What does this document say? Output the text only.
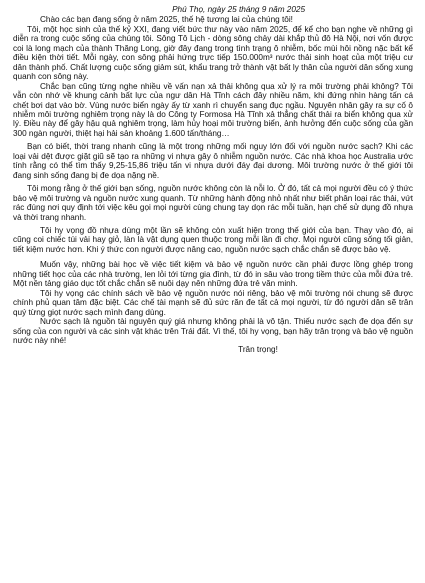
Phú Thọ, ngày 25 tháng 9 năm 2025

Chào các bạn đang sống ở năm 2025, thế hệ tương lai của chúng tôi!

Tôi, một học sinh của thế kỷ XXI, đang viết bức thư này vào năm 2025, để kể cho bạn nghe về những gì diễn ra trong cuộc sống của chúng tôi. Sông Tô Lịch - dòng sông chảy dài khắp thủ đô Hà Nội, nơi vốn được coi là long mạch của thành Thăng Long, giờ đây đang trong tình trạng ô nhiễm, bốc mùi hôi nồng nặc bất kể điều kiện thời tiết. Mỗi ngày, con sông phải hứng trực tiếp 150.000m³ nước thải sinh hoạt của một triệu cư dân thành phố. Chất lượng cuộc sống giảm sút, khẩu trang trở thành vật bất ly thân của người dân sống xung quanh con sông này.

Chắc bạn cũng từng nghe nhiều về vấn nạn xả thải không qua xử lý ra môi trường phải không? Tôi vẫn còn nhớ về khung cảnh bất lực của ngư dân Hà Tĩnh cách đây nhiều năm, khi đứng nhìn hàng tấn cá chết bơi dạt vào bờ. Vùng nước biển ngày ấy từ xanh rì chuyển sang đục ngầu. Nguyên nhân gây ra sự cố ô nhiễm môi trường nghiêm trọng này là do Công ty Formosa Hà Tĩnh xả thẳng chất thải ra biển không qua xử lý. Điều này để gây hậu quả nghiêm trọng, làm hủy hoại môi trường biển, ảnh hưởng đến cuộc sống của gần 300 ngàn người, thiệt hại hải sản khoảng 1.600 tấn/tháng…

Bạn có biết, thời trang nhanh cũng là một trong những mối nguy lớn đối với nguồn nước sạch? Khi các loại vải dệt được giặt giũ sẽ tạo ra những vi nhựa gây ô nhiễm nguồn nước. Các nhà khoa học Australia ước tính rằng có thể tìm thấy 9,25-15,86 triệu tấn vi nhựa dưới đáy đại dương. Môi trường nước ở thế giới tôi đang sinh sống đang bị đe dọa nặng nề.

Tôi mong rằng ở thế giới bạn sống, nguồn nước không còn là nỗi lo. Ở đó, tất cả mọi người đều có ý thức bảo vệ môi trường và nguồn nước xung quanh. Từ những hành động nhỏ nhất như biết phân loại rác thải, vứt rác đúng nơi quy định tới việc kêu gọi mọi người cùng chung tay dọn rác mỗi tuần, hạn chế sử dụng đồ nhựa và thời trang nhanh.

Tôi hy vọng đồ nhựa dùng một lần sẽ không còn xuất hiện trong thế giới của bạn. Thay vào đó, ai cũng coi chiếc túi vải hay giỏ, làn là vật dụng quen thuộc trong mỗi lần đi chợ. Mọi người cũng sống tối giản, tiết kiệm nước hơn. Khi ý thức con người được nâng cao, nguồn nước sạch chắc chắn sẽ được bảo vệ.

Muốn vậy, những bài học về việc tiết kiệm và bảo vệ nguồn nước cần phải được lồng ghép trong những tiết học của các nhà trường, len lỏi tới từng gia đình, từ đó in sâu vào trong tiềm thức của mỗi đứa trẻ. Một nền tảng giáo dục tốt chắc chắn sẽ nuôi dạy nên những đứa trẻ văn minh.

Tôi hy vọng các chính sách về bảo vệ nguồn nước nói riêng, bảo vệ môi trường nói chung sẽ được chính phủ quan tâm đặc biệt. Các chế tài mạnh sẽ đủ sức răn đe tất cả mọi người, từ đó người dân sẽ trân quý từng giọt nước sạch mình đang dùng.

Nước sạch là nguồn tài nguyên quý giá nhưng không phải là vô tận. Thiếu nước sạch đe dọa đến sự sống của con người và các sinh vật khác trên Trái đất. Vì thế, tôi hy vọng, bạn hãy trân trọng và bảo vệ nguồn nước này nhé!

Trân trọng!
